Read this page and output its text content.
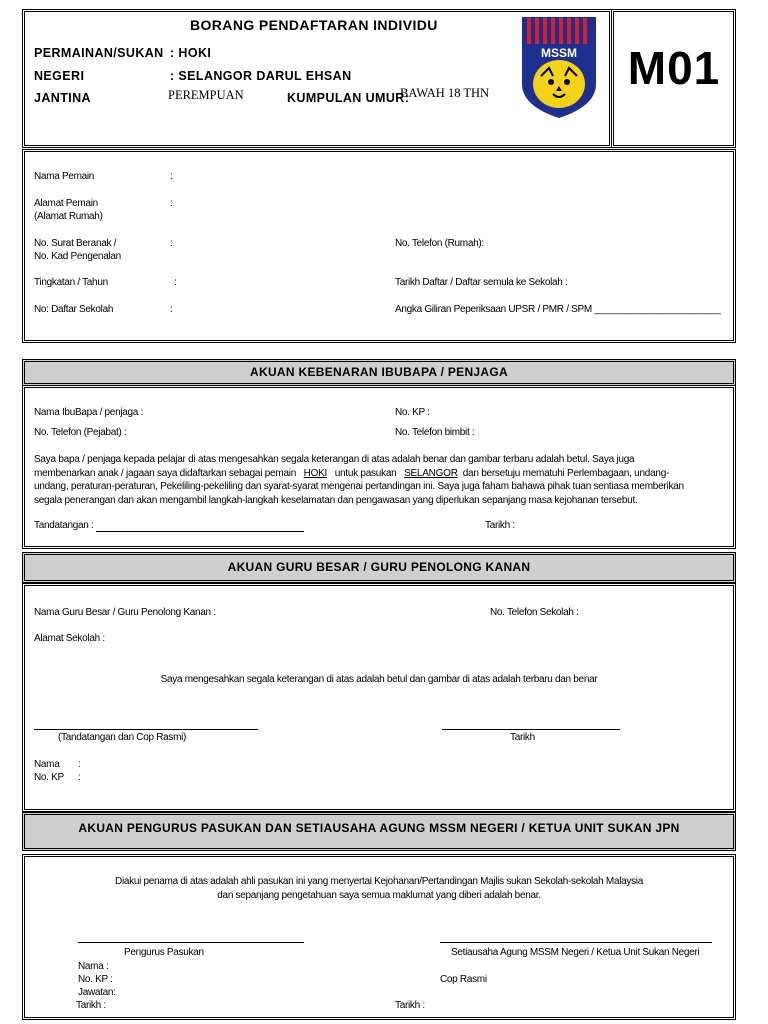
BORANG PENDAFTARAN INDIVIDU
PERMAINAN/SUKAN : HOKI
NEGERI	: SELANGOR DARUL EHSAN
JANTINA	PEREMPUAN	KUMPULAN UMUR:
BAWAH 18 THN
MSSM M01
Nama Pemain	:
Alamat Pemain
(Alamat Rumah)
:
No. Surat Beranak /
No. Kad Pengenalan
:	No. Telefon (Rumah):
Tingkatan / Tahun	:	Tarikh Daftar / Daftar semula ke Sekolah :
No: Daftar Sekolah	:	Angka Giliran Peperiksaan UPSR / PMR / SPM ________________________
AKUAN KEBENARAN IBUBAPA / PENJAGA
Nama IbuBapa / penjaga :	No. KP :
No. Telefon (Pejabat) :	No. Telefon bimbit :
Saya bapa / penjaga kepada pelajar di atas mengesahkan segala keterangan di atas adalah benar dan gambar terbaru adalah betul. Saya juga
membenarkan anak / jagaan saya didaftarkan sebagai pemain HOKI untuk pasukan SELANGOR dan bersetuju mematuhi Perlembagaan, undang-
undang, peraturan-peraturan, Pekeliling-pekeliling dan syarat-syarat mengenai pertandingan ini. Saya juga faham bahawa pihak tuan sentiasa memberikan
segala penerangan dan akan mengambil langkah-langkah keselamatan dan pengawasan yang diperlukan sepanjang masa kejohanan tersebut.
Tandatangan :	Tarikh :
AKUAN GURU BESAR / GURU PENOLONG KANAN
Nama Guru Besar / Guru Penolong Kanan :	No. Telefon Sekolah :
Alamat Sekolah :
Saya mengesahkan segala keterangan di atas adalah betul dan gambar di atas adalah terbaru dan benar
(Tandatangan dan Cop Rasmi)	Tarikh
Nama :
No. KP :
AKUAN PENGURUS PASUKAN DAN SETIAUSAHA AGUNG MSSM NEGERI / KETUA UNIT SUKAN JPN
Diakui penama di atas adalah ahli pasukan ini yang menyertai Kejohanan/Pertandingan Majlis sukan Sekolah-sekolah Malaysia
dan sepanjang pengetahuan saya semua maklumat yang diberi adalah benar.
Pengurus Pasukan	Setiausaha Agung MSSM Negeri / Ketua Unit Sukan Negeri
Nama :
No. KP :	Cop Rasmi
Jawatan:
Tarikh :	Tarikh :
